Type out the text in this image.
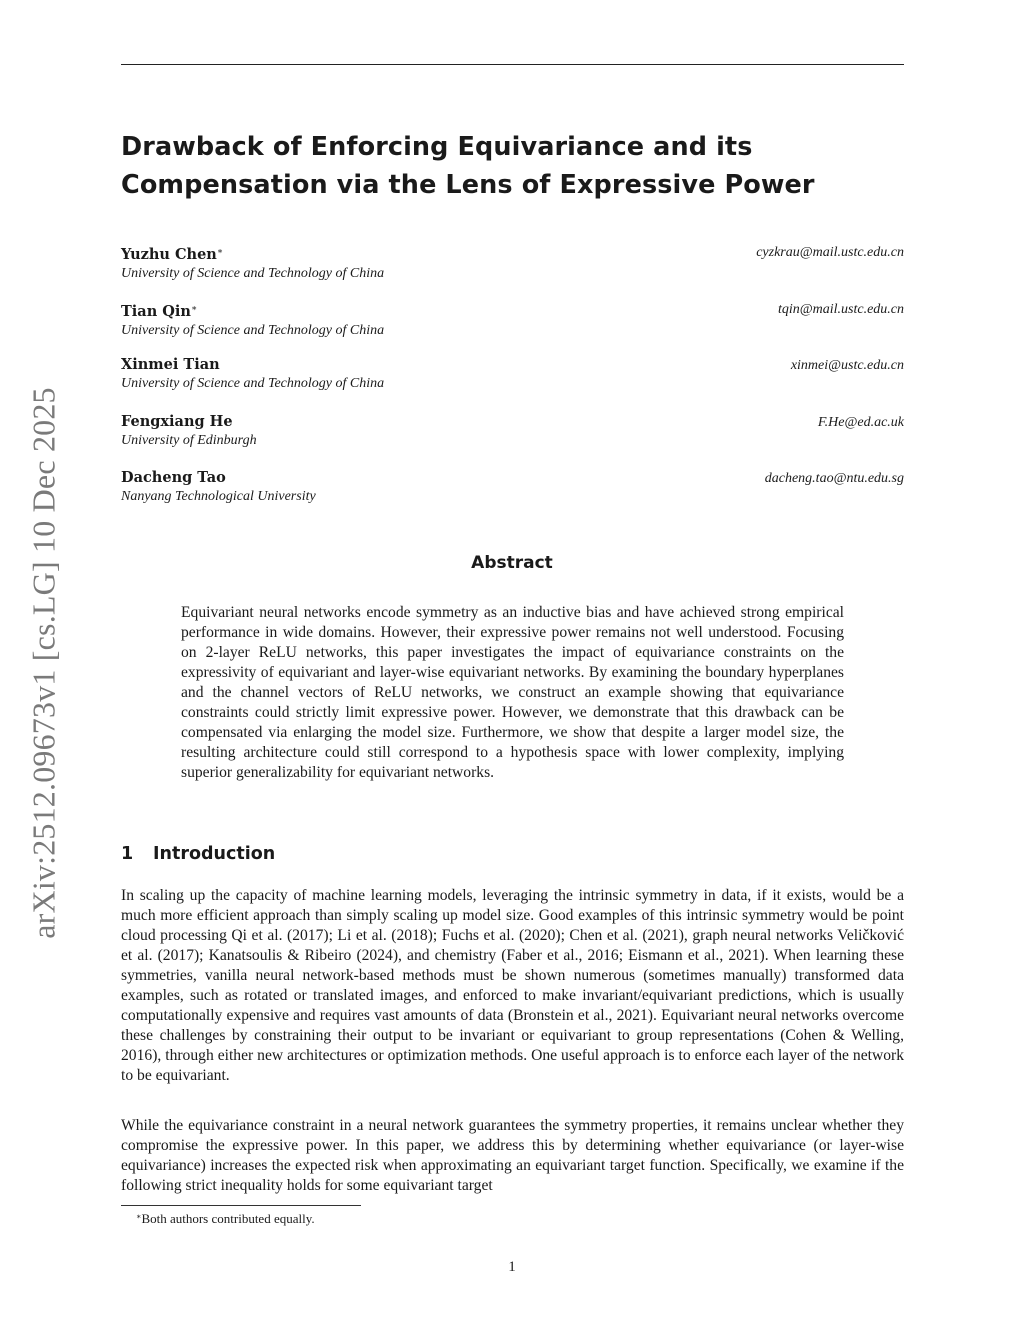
arXiv:2512.09673v1 [cs.LG] 10 Dec 2025
Drawback of Enforcing Equivariance and its Compensation via the Lens of Expressive Power
Yuzhu Chen∗
University of Science and Technology of China
cyzkrau@mail.ustc.edu.cn
Tian Qin∗
University of Science and Technology of China
tqin@mail.ustc.edu.cn
Xinmei Tian
University of Science and Technology of China
xinmei@ustc.edu.cn
Fengxiang He
University of Edinburgh
F.He@ed.ac.uk
Dacheng Tao
Nanyang Technological University
dacheng.tao@ntu.edu.sg
Abstract

Equivariant neural networks encode symmetry as an inductive bias and have achieved strong empirical performance in wide domains. However, their expressive power remains not well understood. Focusing on 2-layer ReLU networks, this paper investigates the impact of equivariance constraints on the expressivity of equivariant and layer-wise equivariant networks. By examining the boundary hyperplanes and the channel vectors of ReLU networks, we construct an example showing that equivariance constraints could strictly limit expressive power. However, we demonstrate that this drawback can be compensated via enlarging the model size. Furthermore, we show that despite a larger model size, the resulting architecture could still correspond to a hypothesis space with lower complexity, implying superior generalizability for equivariant networks.

1 Introduction

In scaling up the capacity of machine learning models, leveraging the intrinsic symmetry in data, if it exists, would be a much more efficient approach than simply scaling up model size. Good examples of this intrinsic symmetry would be point cloud processing Qi et al. (2017); Li et al. (2018); Fuchs et al. (2020); Chen et al. (2021), graph neural networks Veličković et al. (2017); Kanatsoulis & Ribeiro (2024), and chemistry (Faber et al., 2016; Eismann et al., 2021). When learning these symmetries, vanilla neural network-based methods must be shown numerous (sometimes manually) transformed data examples, such as rotated or translated images, and enforced to make invariant/equivariant predictions, which is usually computationally expensive and requires vast amounts of data (Bronstein et al., 2021). Equivariant neural networks overcome these challenges by constraining their output to be invariant or equivariant to group representations (Cohen & Welling, 2016), through either new architectures or optimization methods. One useful approach is to enforce each layer of the network to be equivariant.

While the equivariance constraint in a neural network guarantees the symmetry properties, it remains unclear whether they compromise the expressive power. In this paper, we address this by determining whether equivariance (or layer-wise equivariance) increases the expected risk when approximating an equivariant target function. Specifically, we examine if the following strict inequality holds for some equivariant target

∗Both authors contributed equally.
1
